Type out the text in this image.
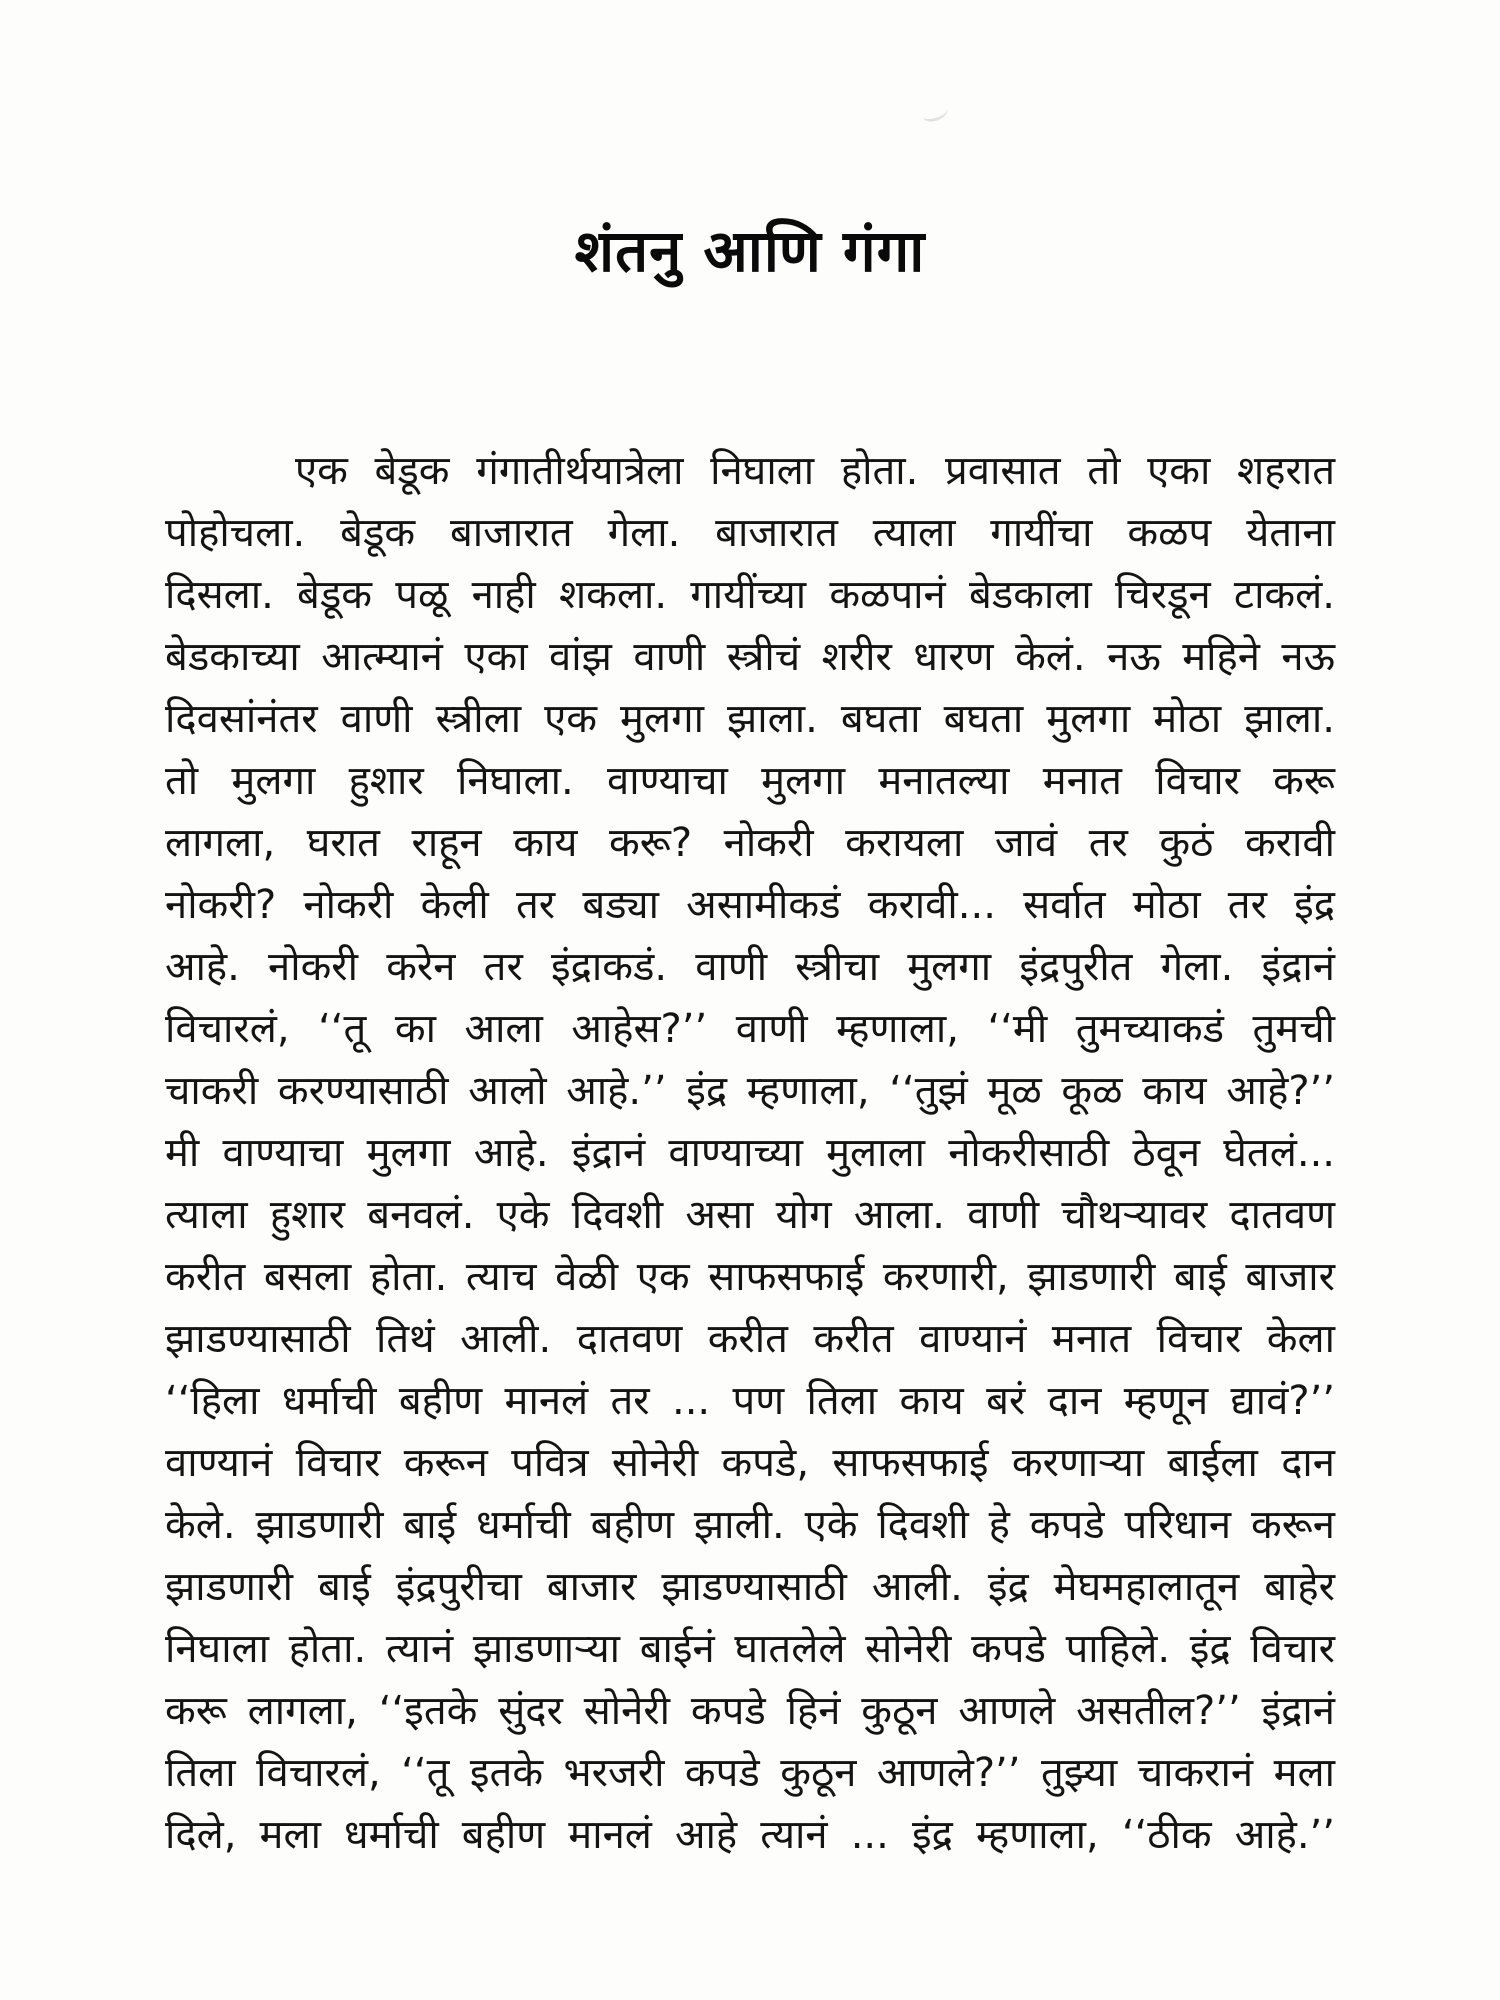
शंतनु आणि गंगा
एक बेडूक गंगातीर्थयात्रेला निघाला होता. प्रवासात तो एका शहरात
पोहोचला. बेडूक बाजारात गेला. बाजारात त्याला गायींचा कळप येताना
दिसला. बेडूक पळू नाही शकला. गायींच्या कळपानं बेडकाला चिरडून टाकलं.
बेडकाच्या आत्म्यानं एका वांझ वाणी स्त्रीचं शरीर धारण केलं. नऊ महिने नऊ
दिवसांनंतर वाणी स्त्रीला एक मुलगा झाला. बघता बघता मुलगा मोठा झाला.
तो मुलगा हुशार निघाला. वाण्याचा मुलगा मनातल्या मनात विचार करू
लागला, घरात राहून काय करू? नोकरी करायला जावं तर कुठं करावी
नोकरी? नोकरी केली तर बड्या असामीकडं करावी... सर्वात मोठा तर इंद्र
आहे. नोकरी करेन तर इंद्राकडं. वाणी स्त्रीचा मुलगा इंद्रपुरीत गेला. इंद्रानं
विचारलं, ‘‘तू का आला आहेस?’’ वाणी म्हणाला, ‘‘मी तुमच्याकडं तुमची
चाकरी करण्यासाठी आलो आहे.’’ इंद्र म्हणाला, ‘‘तुझं मूळ कूळ काय आहे?’’
मी वाण्याचा मुलगा आहे. इंद्रानं वाण्याच्या मुलाला नोकरीसाठी ठेवून घेतलं...
त्याला हुशार बनवलं. एके दिवशी असा योग आला. वाणी चौथऱ्यावर दातवण
करीत बसला होता. त्याच वेळी एक साफसफाई करणारी, झाडणारी बाई बाजार
झाडण्यासाठी तिथं आली. दातवण करीत करीत वाण्यानं मनात विचार केला
‘‘हिला धर्माची बहीण मानलं तर ... पण तिला काय बरं दान म्हणून द्यावं?’’
वाण्यानं विचार करून पवित्र सोनेरी कपडे, साफसफाई करणाऱ्या बाईला दान
केले. झाडणारी बाई धर्माची बहीण झाली. एके दिवशी हे कपडे परिधान करून
झाडणारी बाई इंद्रपुरीचा बाजार झाडण्यासाठी आली. इंद्र मेघमहालातून बाहेर
निघाला होता. त्यानं झाडणाऱ्या बाईनं घातलेले सोनेरी कपडे पाहिले. इंद्र विचार
करू लागला, ‘‘इतके सुंदर सोनेरी कपडे हिनं कुठून आणले असतील?’’ इंद्रानं
तिला विचारलं, ‘‘तू इतके भरजरी कपडे कुठून आणले?’’ तुझ्या चाकरानं मला
दिले, मला धर्माची बहीण मानलं आहे त्यानं ... इंद्र म्हणाला, ‘‘ठीक आहे.’’
